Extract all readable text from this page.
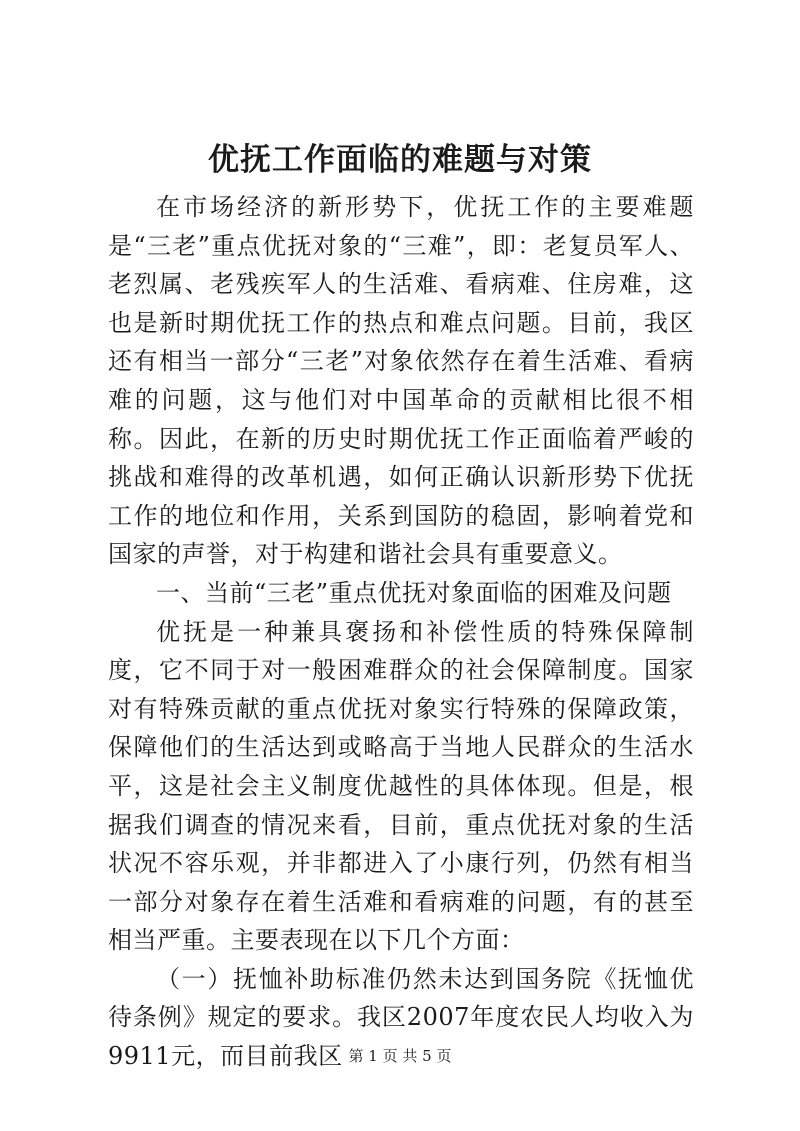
优抚工作面临的难题与对策

在市场经济的新形势下，优抚工作的主要难题是“三老”重点优抚对象的“三难”，即：老复员军人、老烈属、老残疾军人的生活难、看病难、住房难，这也是新时期优抚工作的热点和难点问题。目前，我区还有相当一部分“三老”对象依然存在着生活难、看病难的问题，这与他们对中国革命的贡献相比很不相称。因此，在新的历史时期优抚工作正面临着严峻的挑战和难得的改革机遇，如何正确认识新形势下优抚工作的地位和作用，关系到国防的稳固，影响着党和国家的声誉，对于构建和谐社会具有重要意义。

一、当前“三老”重点优抚对象面临的困难及问题

优抚是一种兼具褒扬和补偿性质的特殊保障制度，它不同于对一般困难群众的社会保障制度。国家对有特殊贡献的重点优抚对象实行特殊的保障政策，保障他们的生活达到或略高于当地人民群众的生活水平，这是社会主义制度优越性的具体体现。但是，根据我们调查的情况来看，目前，重点优抚对象的生活状况不容乐观，并非都进入了小康行列，仍然有相当一部分对象存在着生活难和看病难的问题，有的甚至相当严重。主要表现在以下几个方面：

（一）抚恤补助标准仍然未达到国务院《抚恤优待条例》规定的要求。我区2007年度农民人均收入为9911元，而目前我区 第 1 页 共 5 页
